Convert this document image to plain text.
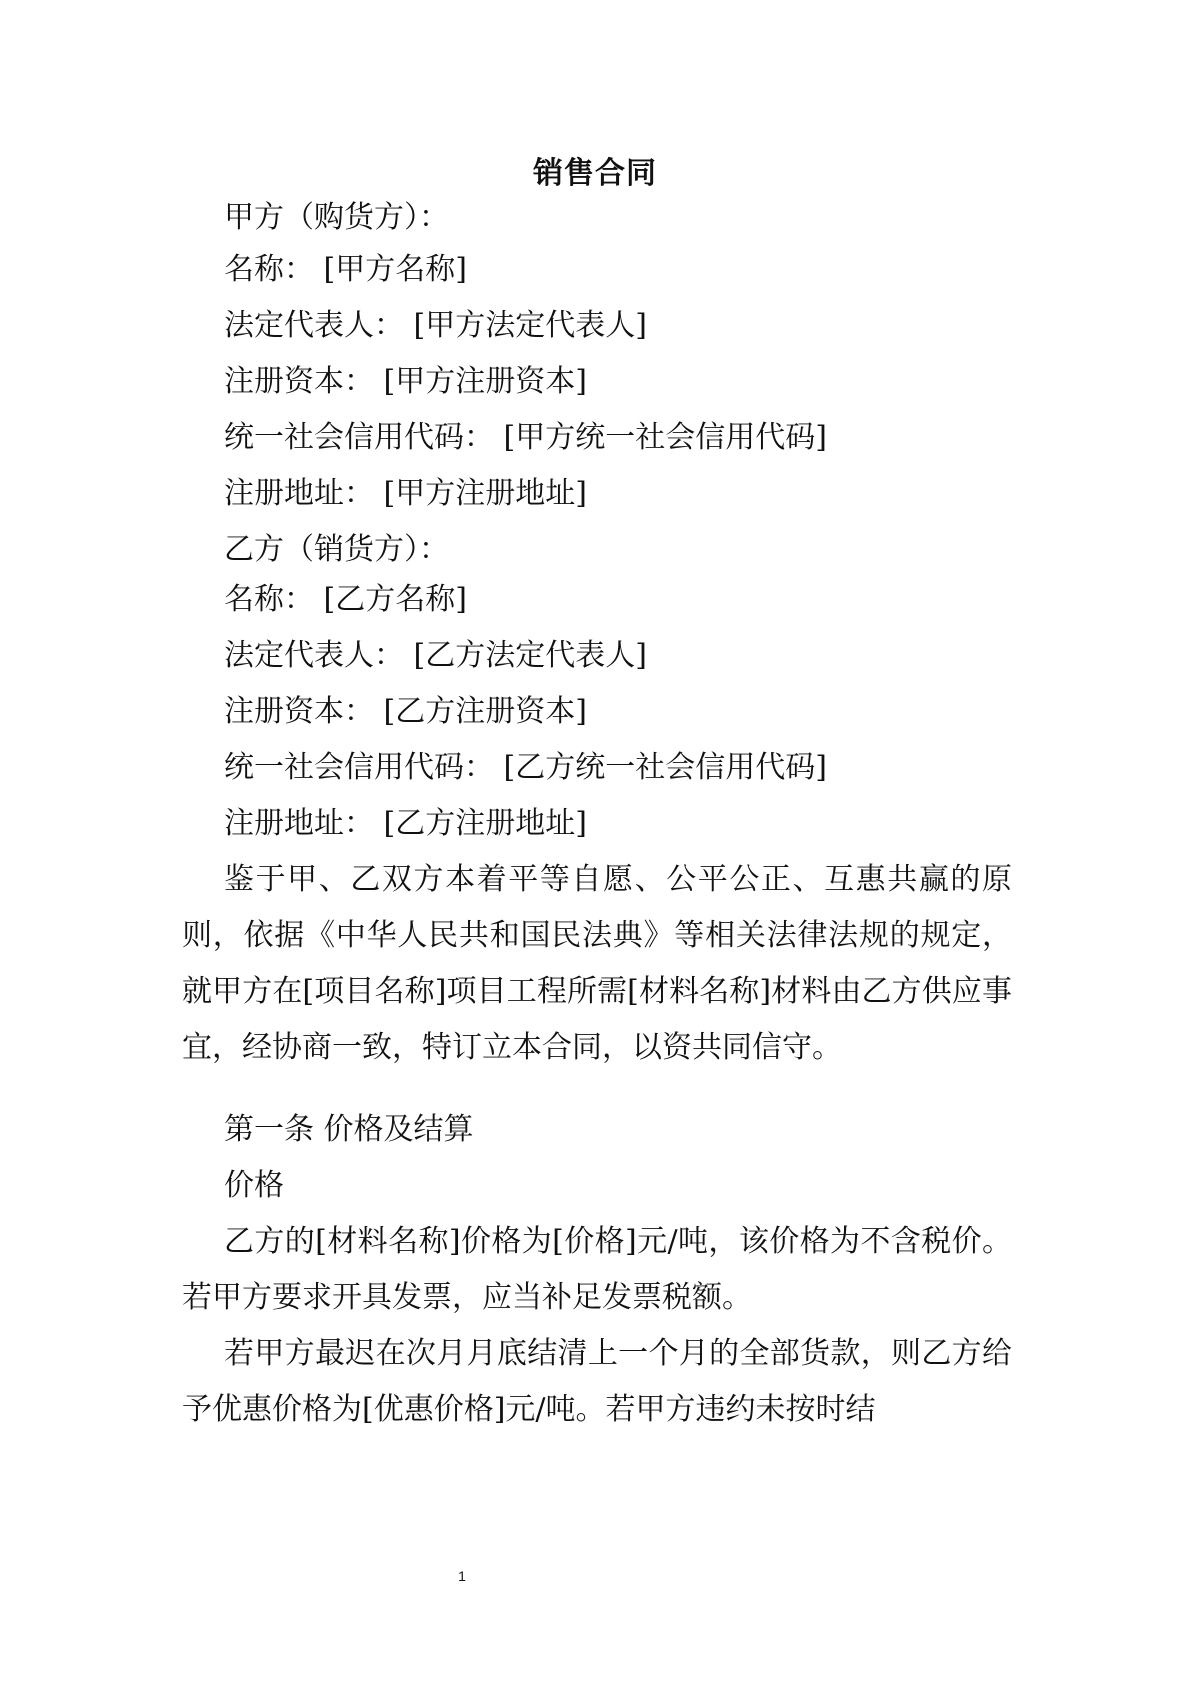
销售合同
甲方（购货方）：
名称： [甲方名称]
法定代表人： [甲方法定代表人]
注册资本： [甲方注册资本]
统一社会信用代码： [甲方统一社会信用代码]
注册地址： [甲方注册地址]
乙方（销货方）：
名称： [乙方名称]
法定代表人： [乙方法定代表人]
注册资本： [乙方注册资本]
统一社会信用代码： [乙方统一社会信用代码]
注册地址： [乙方注册地址]

鉴于甲、乙双方本着平等自愿、公平公正、互惠共赢的原则，依据《中华人民共和国民法典》等相关法律法规的规定，就甲方在[项目名称]项目工程所需[材料名称]材料由乙方供应事宜，经协商一致，特订立本合同，以资共同信守。

第一条 价格及结算
价格

乙方的[材料名称]价格为[价格]元/吨，该价格为不含税价。若甲方要求开具发票，应当补足发票税额。

若甲方最迟在次月月底结清上一个月的全部货款，则乙方给予优惠价格为[优惠价格]元/吨。若甲方违约未按时结

1
